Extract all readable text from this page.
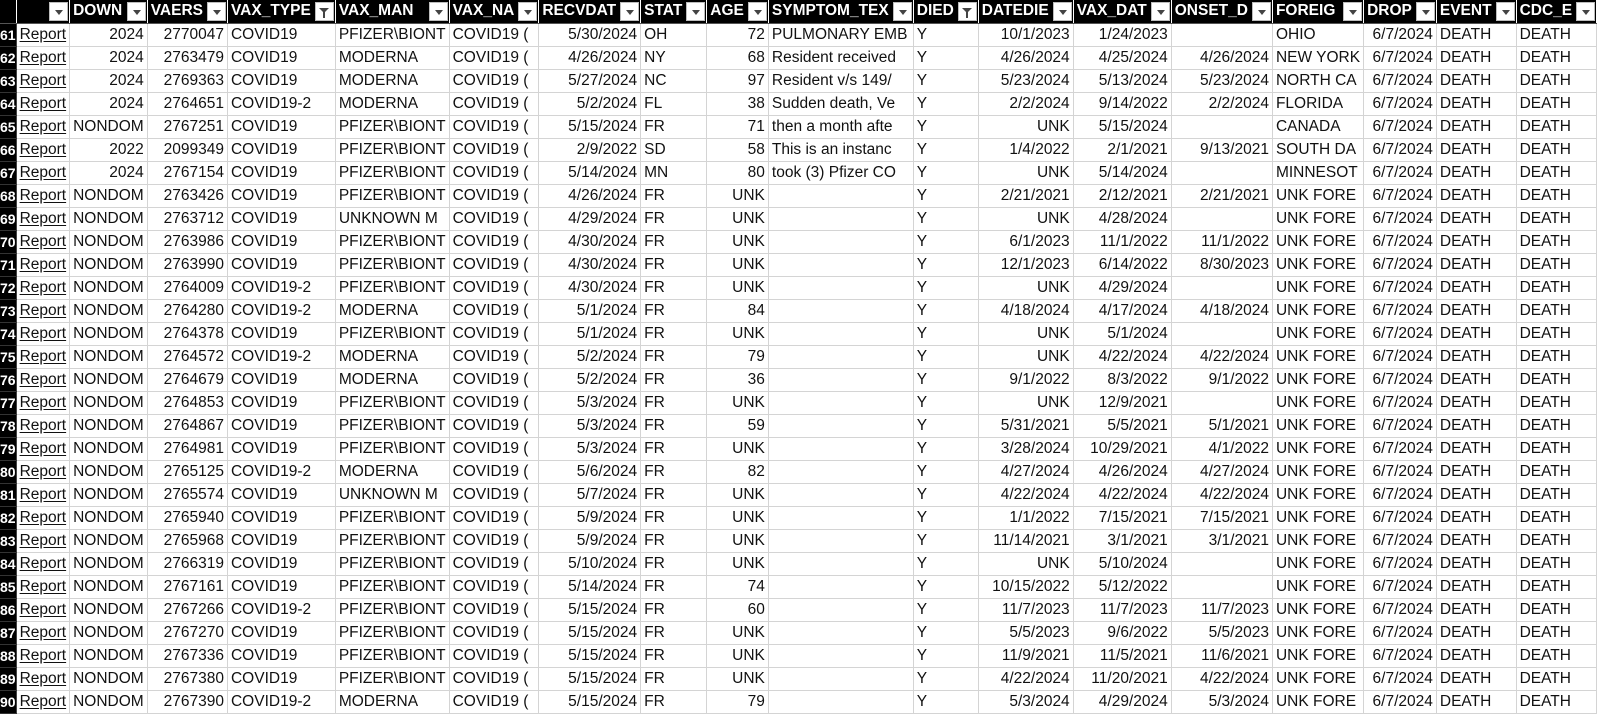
		DOWN	VAERS	VAX_TYPE	VAX_MAN	VAX_NA	RECVDAT	STAT	AGE	SYMPTOM_TEX	DIED	DATEDIE	VAX_DAT	ONSET_D	FOREIG	DROP	EVENT	CDC_E

61	Report	2024	2770047	COVID19	PFIZER\BIONT	COVID19 (	5/30/2024	OH	72	PULMONARY EMB	Y	10/1/2023	1/24/2023		OHIO	6/7/2024	DEATH	DEATH
62	Report	2024	2763479	COVID19	MODERNA	COVID19 (	4/26/2024	NY	68	Resident received	Y	4/26/2024	4/25/2024	4/26/2024	NEW YORK	6/7/2024	DEATH	DEATH
63	Report	2024	2769363	COVID19	MODERNA	COVID19 (	5/27/2024	NC	97	Resident v/s 149/	Y	5/23/2024	5/13/2024	5/23/2024	NORTH CA	6/7/2024	DEATH	DEATH
64	Report	2024	2764651	COVID19-2	MODERNA	COVID19 (	5/2/2024	FL	38	Sudden death, Ve	Y	2/2/2024	9/14/2022	2/2/2024	FLORIDA	6/7/2024	DEATH	DEATH
65	Report	NONDOM	2767251	COVID19	PFIZER\BIONT	COVID19 (	5/15/2024	FR	71	then a month afte	Y	UNK	5/15/2024		CANADA	6/7/2024	DEATH	DEATH
66	Report	2022	2099349	COVID19	PFIZER\BIONT	COVID19 (	2/9/2022	SD	58	This is an instanc	Y	1/4/2022	2/1/2021	9/13/2021	SOUTH DA	6/7/2024	DEATH	DEATH
67	Report	2024	2767154	COVID19	PFIZER\BIONT	COVID19 (	5/14/2024	MN	80	took (3) Pfizer CO	Y	UNK	5/14/2024		MINNESOT	6/7/2024	DEATH	DEATH
68	Report	NONDOM	2763426	COVID19	PFIZER\BIONT	COVID19 (	4/26/2024	FR	UNK		Y	2/21/2021	2/12/2021	2/21/2021	UNK FORE	6/7/2024	DEATH	DEATH
69	Report	NONDOM	2763712	COVID19	UNKNOWN M	COVID19 (	4/29/2024	FR	UNK		Y	UNK	4/28/2024		UNK FORE	6/7/2024	DEATH	DEATH
70	Report	NONDOM	2763986	COVID19	PFIZER\BIONT	COVID19 (	4/30/2024	FR	UNK		Y	6/1/2023	11/1/2022	11/1/2022	UNK FORE	6/7/2024	DEATH	DEATH
71	Report	NONDOM	2763990	COVID19	PFIZER\BIONT	COVID19 (	4/30/2024	FR	UNK		Y	12/1/2023	6/14/2022	8/30/2023	UNK FORE	6/7/2024	DEATH	DEATH
72	Report	NONDOM	2764009	COVID19-2	PFIZER\BIONT	COVID19 (	4/30/2024	FR	UNK		Y	UNK	4/29/2024		UNK FORE	6/7/2024	DEATH	DEATH
73	Report	NONDOM	2764280	COVID19-2	MODERNA	COVID19 (	5/1/2024	FR	84		Y	4/18/2024	4/17/2024	4/18/2024	UNK FORE	6/7/2024	DEATH	DEATH
74	Report	NONDOM	2764378	COVID19	PFIZER\BIONT	COVID19 (	5/1/2024	FR	UNK		Y	UNK	5/1/2024		UNK FORE	6/7/2024	DEATH	DEATH
75	Report	NONDOM	2764572	COVID19-2	MODERNA	COVID19 (	5/2/2024	FR	79		Y	UNK	4/22/2024	4/22/2024	UNK FORE	6/7/2024	DEATH	DEATH
76	Report	NONDOM	2764679	COVID19	MODERNA	COVID19 (	5/2/2024	FR	36		Y	9/1/2022	8/3/2022	9/1/2022	UNK FORE	6/7/2024	DEATH	DEATH
77	Report	NONDOM	2764853	COVID19	PFIZER\BIONT	COVID19 (	5/3/2024	FR	UNK		Y	UNK	12/9/2021		UNK FORE	6/7/2024	DEATH	DEATH
78	Report	NONDOM	2764867	COVID19	PFIZER\BIONT	COVID19 (	5/3/2024	FR	59		Y	5/31/2021	5/5/2021	5/1/2021	UNK FORE	6/7/2024	DEATH	DEATH
79	Report	NONDOM	2764981	COVID19	PFIZER\BIONT	COVID19 (	5/3/2024	FR	UNK		Y	3/28/2024	10/29/2021	4/1/2022	UNK FORE	6/7/2024	DEATH	DEATH
80	Report	NONDOM	2765125	COVID19-2	MODERNA	COVID19 (	5/6/2024	FR	82		Y	4/27/2024	4/26/2024	4/27/2024	UNK FORE	6/7/2024	DEATH	DEATH
81	Report	NONDOM	2765574	COVID19	UNKNOWN M	COVID19 (	5/7/2024	FR	UNK		Y	4/22/2024	4/22/2024	4/22/2024	UNK FORE	6/7/2024	DEATH	DEATH
82	Report	NONDOM	2765940	COVID19	PFIZER\BIONT	COVID19 (	5/9/2024	FR	UNK		Y	1/1/2022	7/15/2021	7/15/2021	UNK FORE	6/7/2024	DEATH	DEATH
83	Report	NONDOM	2765968	COVID19	PFIZER\BIONT	COVID19 (	5/9/2024	FR	UNK		Y	11/14/2021	3/1/2021	3/1/2021	UNK FORE	6/7/2024	DEATH	DEATH
84	Report	NONDOM	2766319	COVID19	PFIZER\BIONT	COVID19 (	5/10/2024	FR	UNK		Y	UNK	5/10/2024		UNK FORE	6/7/2024	DEATH	DEATH
85	Report	NONDOM	2767161	COVID19	PFIZER\BIONT	COVID19 (	5/14/2024	FR	74		Y	10/15/2022	5/12/2022		UNK FORE	6/7/2024	DEATH	DEATH
86	Report	NONDOM	2767266	COVID19-2	PFIZER\BIONT	COVID19 (	5/15/2024	FR	60		Y	11/7/2023	11/7/2023	11/7/2023	UNK FORE	6/7/2024	DEATH	DEATH
87	Report	NONDOM	2767270	COVID19	PFIZER\BIONT	COVID19 (	5/15/2024	FR	UNK		Y	5/5/2023	9/6/2022	5/5/2023	UNK FORE	6/7/2024	DEATH	DEATH
88	Report	NONDOM	2767336	COVID19	PFIZER\BIONT	COVID19 (	5/15/2024	FR	UNK		Y	11/9/2021	11/5/2021	11/6/2021	UNK FORE	6/7/2024	DEATH	DEATH
89	Report	NONDOM	2767380	COVID19	PFIZER\BIONT	COVID19 (	5/15/2024	FR	UNK		Y	4/22/2024	11/20/2021	4/22/2024	UNK FORE	6/7/2024	DEATH	DEATH
90	Report	NONDOM	2767390	COVID19-2	MODERNA	COVID19 (	5/15/2024	FR	79		Y	5/3/2024	4/29/2024	5/3/2024	UNK FORE	6/7/2024	DEATH	DEATH
